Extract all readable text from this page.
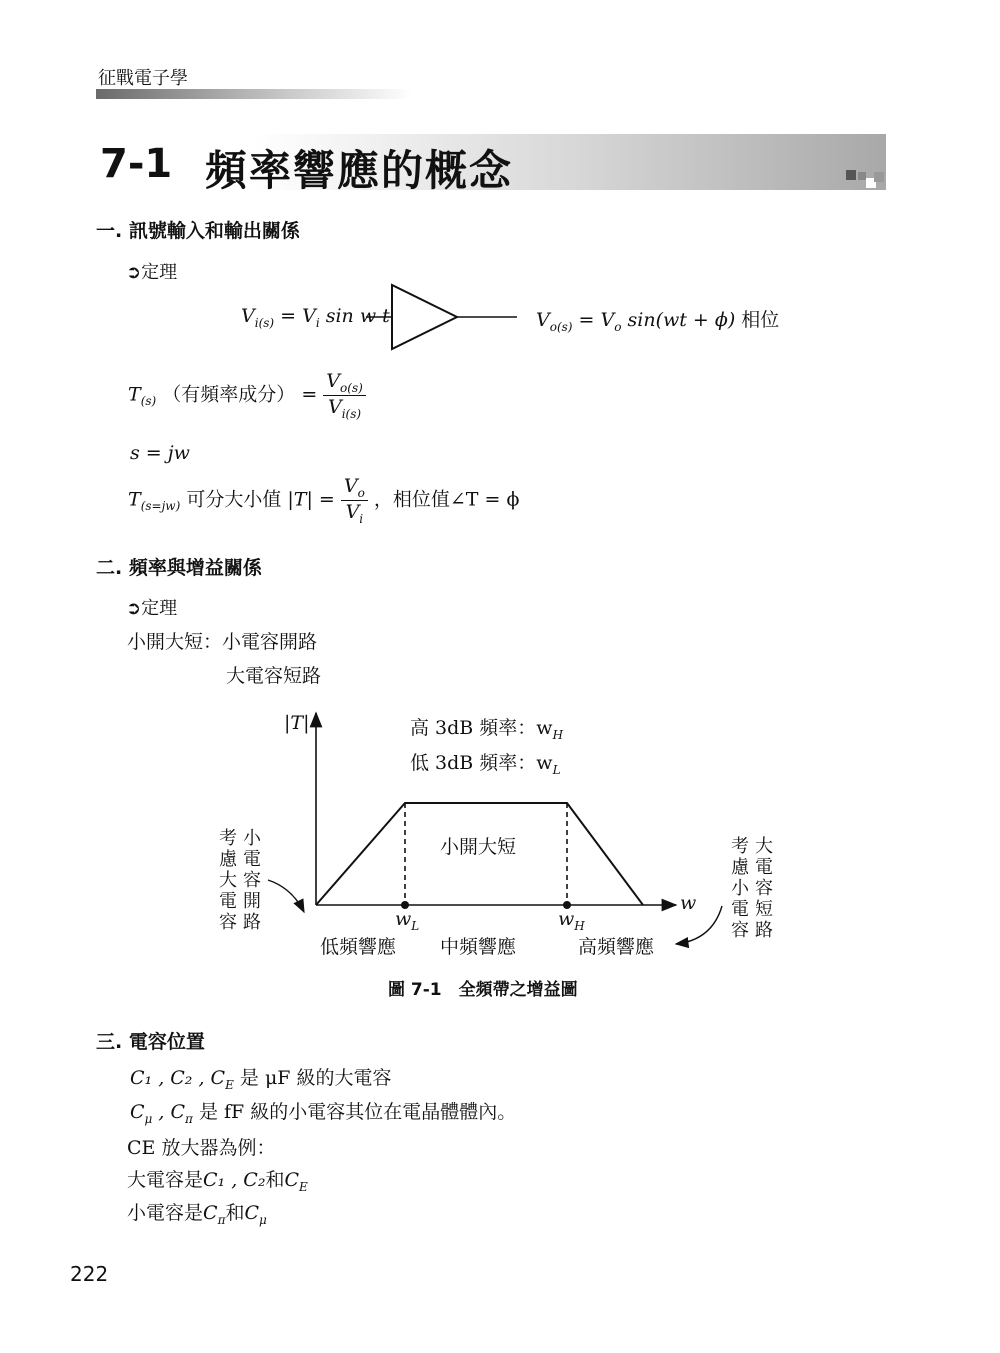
征戰電子學
7-1 頻率響應的概念
一. 訊號輸入和輸出關係
➲定理
$V_{i(s)} = V_i$ sin w t	$V_{o(s)} = V_o$ sin(wt + ϕ) 相位
$T_{(s)}$ （有頻率成分） = $\frac{V_{o(s)}}{V_{i(s)}}$
s = jw
$T_{(s=jw)}$ 可分大小值 $|T| = \frac{V_o}{V_i}$ ，相位值∠T = ϕ
二. 頻率與增益關係
➲定理
小開大短：小電容開路
大電容短路
|T|
w
高 3dB 頻率：$w_H$
低 3dB 頻率：$w_L$
小開大短
$w_L$	$w_H$
低頻響應 中頻響應	高頻響應
考慮大電容
小電容開路
考慮小電容
大電容短路
圖 7-1　全頻帶之增益圖
三. 電容位置
C₁ , C₂ , $C_E$ 是 μF 級的大電容
$C_\mu$ , $C_\pi$ 是 fF 級的小電容其位在電晶體體內。
CE 放大器為例：
大電容是C₁ , C₂和$C_E$
小電容是$C_\pi$和$C_\mu$
222
